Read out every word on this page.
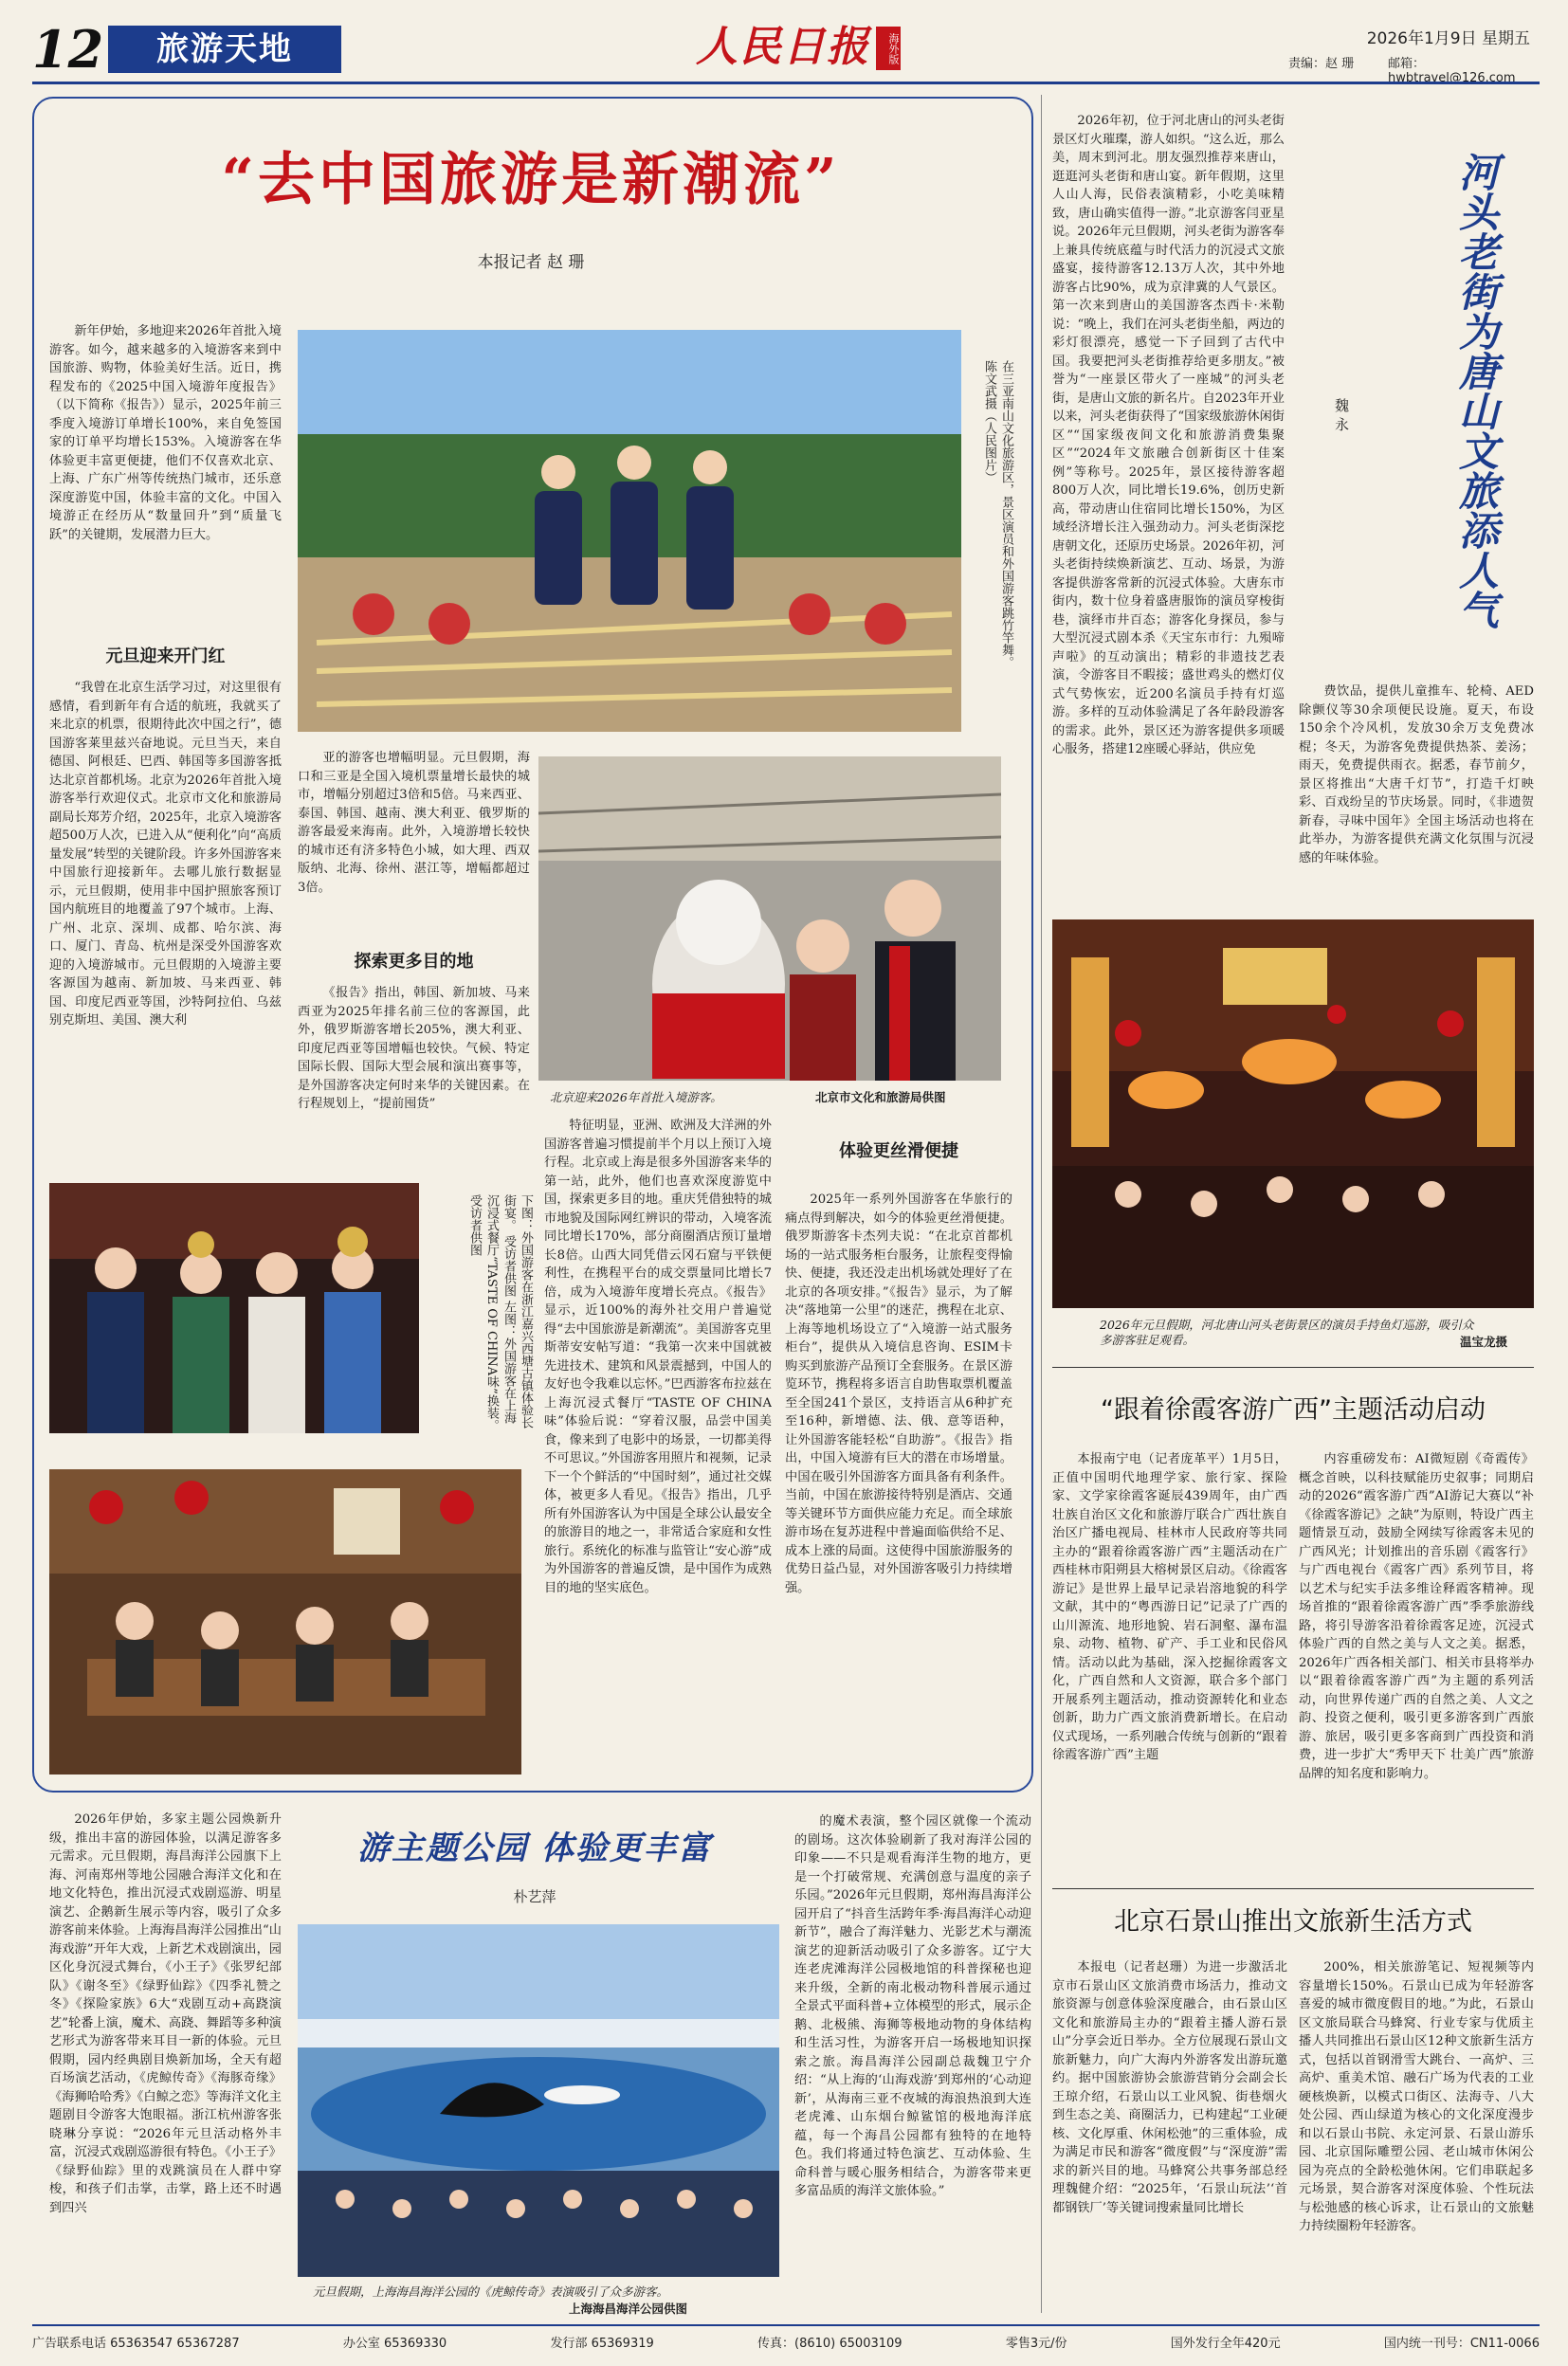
12	旅游天地	人民日报	海外版	2026年1月9日 星期五
责编：赵 珊	邮箱：hwbtravel@126.com
“去中国旅游是新潮流”
本报记者 赵 珊

新年伊始，多地迎来2026年首批入境游客。如今，越来越多的入境游客来到中国旅游、购物，体验美好生活。近日，携程发布的《2025中国入境游年度报告》（以下简称《报告》）显示，2025年前三季度入境游订单增长100%，来自免签国家的订单平均增长153%。入境游客在华体验更丰富更便捷，他们不仅喜欢北京、上海、广东广州等传统热门城市，还乐意深度游览中国，体验丰富的文化。中国入境游正在经历从“数量回升”到“质量飞跃”的关键期，发展潜力巨大。

元旦迎来开门红

“我曾在北京生活学习过，对这里很有感情，看到新年有合适的航班，我就买了来北京的机票，很期待此次中国之行”，德国游客莱里兹兴奋地说。元旦当天，来自德国、阿根廷、巴西、韩国等多国游客抵达北京首都机场。北京为2026年首批入境游客举行欢迎仪式。北京市文化和旅游局副局长郑芳介绍，2025年，北京入境游客超500万人次，已进入从“便利化”向“高质量发展”转型的关键阶段。许多外国游客来中国旅行迎接新年。去哪儿旅行数据显示，元旦假期，使用非中国护照旅客预订国内航班目的地覆盖了97个城市。上海、广州、北京、深圳、成都、哈尔滨、海口、厦门、青岛、杭州是深受外国游客欢迎的入境游城市。元旦假期的入境游主要客源国为越南、新加坡、马来西亚、韩国、印度尼西亚等国，沙特阿拉伯、乌兹别克斯坦、美国、澳大利

在三亚南山文化旅游区，景区演员和外国游客跳竹竿舞。 陈文武摄（人民图片）

亚的游客也增幅明显。元旦假期，海口和三亚是全国入境机票量增长最快的城市，增幅分别超过3倍和5倍。马来西亚、泰国、韩国、越南、澳大利亚、俄罗斯的游客最爱来海南。此外，入境游增长较快的城市还有济多特色小城，如大理、西双版纳、北海、徐州、湛江等，增幅都超过3倍。

探索更多目的地

《报告》指出，韩国、新加坡、马来西亚为2025年排名前三位的客源国，此外，俄罗斯游客增长205%，澳大利亚、印度尼西亚等国增幅也较快。气候、特定国际长假、国际大型会展和演出赛事等，是外国游客决定何时来华的关键因素。在行程规划上，“提前囤货”	北京迎来2026年首批入境游客。	北京市文化和旅游局供图
下图：外国游客在浙江嘉兴西塘古镇体验长街宴。 受访者供图 左图：外国游客在上海沉浸式餐厅“TASTE OF CHINA味”换装。 受访者供图

特征明显，亚洲、欧洲及大洋洲的外国游客普遍习惯提前半个月以上预订入境行程。北京或上海是很多外国游客来华的第一站，此外，他们也喜欢深度游览中国，探索更多目的地。重庆凭借独特的城市地貌及国际网红辨识的带动，入境客流同比增长170%，部分商圈酒店预订量增长8倍。山西大同凭借云冈石窟与平铁便利性，在携程平台的成交票量同比增长7倍，成为入境游年度增长亮点。《报告》显示，近100%的海外社交用户普遍觉得“去中国旅游是新潮流”。美国游客克里斯蒂安安帖写道：“我第一次来中国就被先进技术、建筑和风景震撼到，中国人的友好也令我难以忘怀。”巴西游客布拉兹在上海沉浸式餐厅“TASTE OF CHINA味”体验后说：“穿着汉服，品尝中国美食，像来到了电影中的场景，一切都美得不可思议。”外国游客用照片和视频，记录下一个个鲜活的“中国时刻”，通过社交媒体，被更多人看见。《报告》指出，几乎所有外国游客认为中国是全球公认最安全的旅游目的地之一，非常适合家庭和女性旅行。系统化的标准与监管让“安心游”成为外国游客的普遍反馈，是中国作为成熟目的地的坚实底色。

体验更丝滑便捷

2025年一系列外国游客在华旅行的痛点得到解决，如今的体验更丝滑便捷。俄罗斯游客卡杰列夫说：“在北京首都机场的一站式服务柜台服务，让旅程变得愉快、便捷，我还没走出机场就处理好了在北京的各项安排。”《报告》显示，为了解决“落地第一公里”的迷茫，携程在北京、上海等地机场设立了“入境游一站式服务柜台”，提供从入境信息咨询、ESIM卡购买到旅游产品预订全套服务。在景区游览环节，携程将多语言自助售取票机覆盖至全国241个景区，支持语言从6种扩充至16种，新增德、法、俄、意等语种，让外国游客能轻松“自助游”。《报告》指出，中国入境游有巨大的潜在市场增量。中国在吸引外国游客方面具备有利条件。当前，中国在旅游接待特别是酒店、交通等关键环节方面供应能力充足。而全球旅游市场在复苏进程中普遍面临供给不足、成本上涨的局面。这使得中国旅游服务的优势日益凸显，对外国游客吸引力持续增强。

2026年初，位于河北唐山的河头老街景区灯火璀璨，游人如织。“这么近，那么美，周末到河北。朋友强烈推荐来唐山，逛逛河头老街和唐山宴。新年假期，这里人山人海，民俗表演精彩，小吃美味精致，唐山确实值得一游。”北京游客闫亚星说。2026年元旦假期，河头老街为游客奉上兼具传统底蕴与时代活力的沉浸式文旅盛宴，接待游客12.13万人次，其中外地游客占比90%，成为京津冀的人气景区。第一次来到唐山的美国游客杰西卡·米勒说：“晚上，我们在河头老街坐船，两边的彩灯很漂亮，感觉一下子回到了古代中国。我要把河头老街推荐给更多朋友。”被誉为“一座景区带火了一座城”的河头老街，是唐山文旅的新名片。自2023年开业以来，河头老街获得了“国家级旅游休闲街区”“国家级夜间文化和旅游消费集聚区”“2024年文旅融合创新街区十佳案例”等称号。2025年，景区接待游客超800万人次，同比增长19.6%，创历史新高，带动唐山住宿同比增长150%，为区域经济增长注入强劲动力。河头老街深挖唐朝文化，还原历史场景。2026年初，河头老街持续焕新演艺、互动、场景，为游客提供游客常新的沉浸式体验。大唐东市街内，数十位身着盛唐服饰的演员穿梭街巷，演绎市井百态；游客化身探员，参与大型沉浸式剧本杀《天宝东市行：九殒啼声啦》的互动演出；精彩的非遗技艺表演，令游客目不暇接；盛世鸡头的燃灯仪式气势恢宏，近200名演员手持有灯巡游。多样的互动体验满足了各年龄段游客的需求。此外，景区还为游客提供多项暖心服务，搭建12座暖心驿站，供应免

河头老街为唐山文旅添人气
魏 永

费饮品，提供儿童推车、轮椅、AED除颤仪等30余项便民设施。夏天，布设150余个冷风机，发放30余万支免费冰棍；冬天，为游客免费提供热茶、姜汤；雨天，免费提供雨衣。据悉，春节前夕，景区将推出“大唐千灯节”，打造千灯映彩、百戏纷呈的节庆场景。同时，《非遗贺新春，寻味中国年》全国主场活动也将在此举办，为游客提供充满文化氛围与沉浸感的年味体验。

2026年元旦假期，河北唐山河头老街景区的演员手持鱼灯巡游，吸引众多游客驻足观看。	温宝龙摄
“跟着徐霞客游广西”主题活动启动

本报南宁电（记者庞革平）1月5日，正值中国明代地理学家、旅行家、探险家、文学家徐霞客诞辰439周年，由广西壮族自治区文化和旅游厅联合广西壮族自治区广播电视局、桂林市人民政府等共同主办的“跟着徐霞客游广西”主题活动在广西桂林市阳朔县大榕树景区启动。《徐霞客游记》是世界上最早记录岩溶地貌的科学文献，其中的“粤西游日记”记录了广西的山川源流、地形地貌、岩石洞壑、瀑布温泉、动物、植物、矿产、手工业和民俗风情。活动以此为基础，深入挖掘徐霞客文化，广西自然和人文资源，联合多个部门开展系列主题活动，推动资源转化和业态创新，助力广西文旅消费新增长。在启动仪式现场，一系列融合传统与创新的“跟着徐霞客游广西”主题

内容重磅发布：AI微短剧《奇霞传》概念首映，以科技赋能历史叙事；同期启动的2026“霞客游广西”AI游记大赛以“补《徐霞客游记》之缺”为原则，特设广西主题情景互动，鼓励全网续写徐霞客未见的广西风光；计划推出的音乐剧《霞客行》与广西电视台《霞客广西》系列节目，将以艺术与纪实手法多维诠释霞客精神。现场首推的“跟着徐霞客游广西”季季旅游线路，将引导游客沿着徐霞客足迹，沉浸式体验广西的自然之美与人文之美。据悉，2026年广西各相关部门、相关市县将举办以“跟着徐霞客游广西”为主题的系列活动，向世界传递广西的自然之美、人文之韵、投资之便利，吸引更多游客到广西旅游、旅居，吸引更多客商到广西投资和消费，进一步扩大“秀甲天下 壮美广西”旅游品牌的知名度和影响力。

2026年伊始，多家主题公园焕新升级，推出丰富的游园体验，以满足游客多元需求。元旦假期，海昌海洋公园旗下上海、河南郑州等地公园融合海洋文化和在地文化特色，推出沉浸式戏剧巡游、明星演艺、企鹅新生展示等内容，吸引了众多游客前来体验。上海海昌海洋公园推出“山海戏游”开年大戏，上新艺术戏剧演出，园区化身沉浸式舞台，《小王子》《张罗纪部队》《谢冬至》《绿野仙踪》《四季礼赞之冬》《探险家族》6大“戏剧互动+高跷演艺”轮番上演，魔术、高跷、舞蹈等多种演艺形式为游客带来耳目一新的体验。元旦假期，园内经典剧目焕新加场，全天有超百场演艺活动，《虎鲸传奇》《海豚奇缘》《海狮哈哈秀》《白鲸之恋》等海洋文化主题剧目令游客大饱眼福。浙江杭州游客张晓琳分享说：“2026年元旦活动格外丰富，沉浸式戏剧巡游很有特色。《小王子》《绿野仙踪》里的戏跳演员在人群中穿梭，和孩子们击掌，击掌，路上还不时遇到四兴

游主题公园 体验更丰富
朴艺萍
元旦假期，上海海昌海洋公园的《虎鲸传奇》表演吸引了众多游客。
上海海昌海洋公园供图

的魔术表演，整个园区就像一个流动的剧场。这次体验刷新了我对海洋公园的印象——不只是观看海洋生物的地方，更是一个打破常规、充满创意与温度的亲子乐园。”2026年元旦假期，郑州海昌海洋公园开启了“抖音生活跨年季·海昌海洋心动迎新节”，融合了海洋魅力、光影艺术与潮流演艺的迎新活动吸引了众多游客。辽宁大连老虎滩海洋公园极地馆的科普探秘也迎来升级，全新的南北极动物科普展示通过全景式平面科普+立体模型的形式，展示企鹅、北极熊、海狮等极地动物的身体结构和生活习性，为游客开启一场极地知识探索之旅。海昌海洋公园副总裁魏卫宁介绍：“从上海的‘山海戏游’到郑州的‘心动迎新’，从海南三亚不夜城的海浪热浪到大连老虎滩、山东烟台鲸鲨馆的极地海洋底蕴，每一个海昌公园都有独特的在地特色。我们将通过特色演艺、互动体验、生命科普与暖心服务相结合，为游客带来更多富品质的海洋文旅体验。”

北京石景山推出文旅新生活方式

本报电（记者赵珊）为进一步激活北京市石景山区文旅消费市场活力，推动文旅资源与创意体验深度融合，由石景山区文化和旅游局主办的“跟着主播人游石景山”分享会近日举办。全方位展现石景山文旅新魅力，向广大海内外游客发出游玩邀约。据中国旅游协会旅游营销分会副会长王琼介绍，石景山以工业风貌、街巷烟火到生态之美、商圈活力，已构建起“工业硬核、文化厚重、休闲松弛”的三重体验，成为满足市民和游客“微度假”与“深度游”需求的新兴目的地。马蜂窝公共事务部总经理魏健介绍：“2025年，‘石景山玩法’‘首都钢铁厂’等关键词搜索量同比增长

200%，相关旅游笔记、短视频等内容量增长150%。石景山已成为年轻游客喜爱的城市微度假目的地。”为此，石景山区文旅局联合马蜂窝、行业专家与优质主播人共同推出石景山区12种文旅新生活方式，包括以首钢滑雪大跳台、一高炉、三高炉、重美术馆、融石广场为代表的工业硬核焕新，以模式口街区、法海寺、八大处公园、西山绿道为核心的文化深度漫步和以石景山书院、永定河景、石景山游乐园、北京国际雕塑公园、老山城市休闲公园为亮点的全龄松弛休闲。它们串联起多元场景，契合游客对深度体验、个性玩法与松弛感的核心诉求，让石景山的文旅魅力持续圈粉年轻游客。

广告联系电话 65363547 65367287	办公室 65369330	发行部 65369319	传真：(8610) 65003109	零售3元/份	国外发行全年420元	国内统一刊号：CN11-0066
